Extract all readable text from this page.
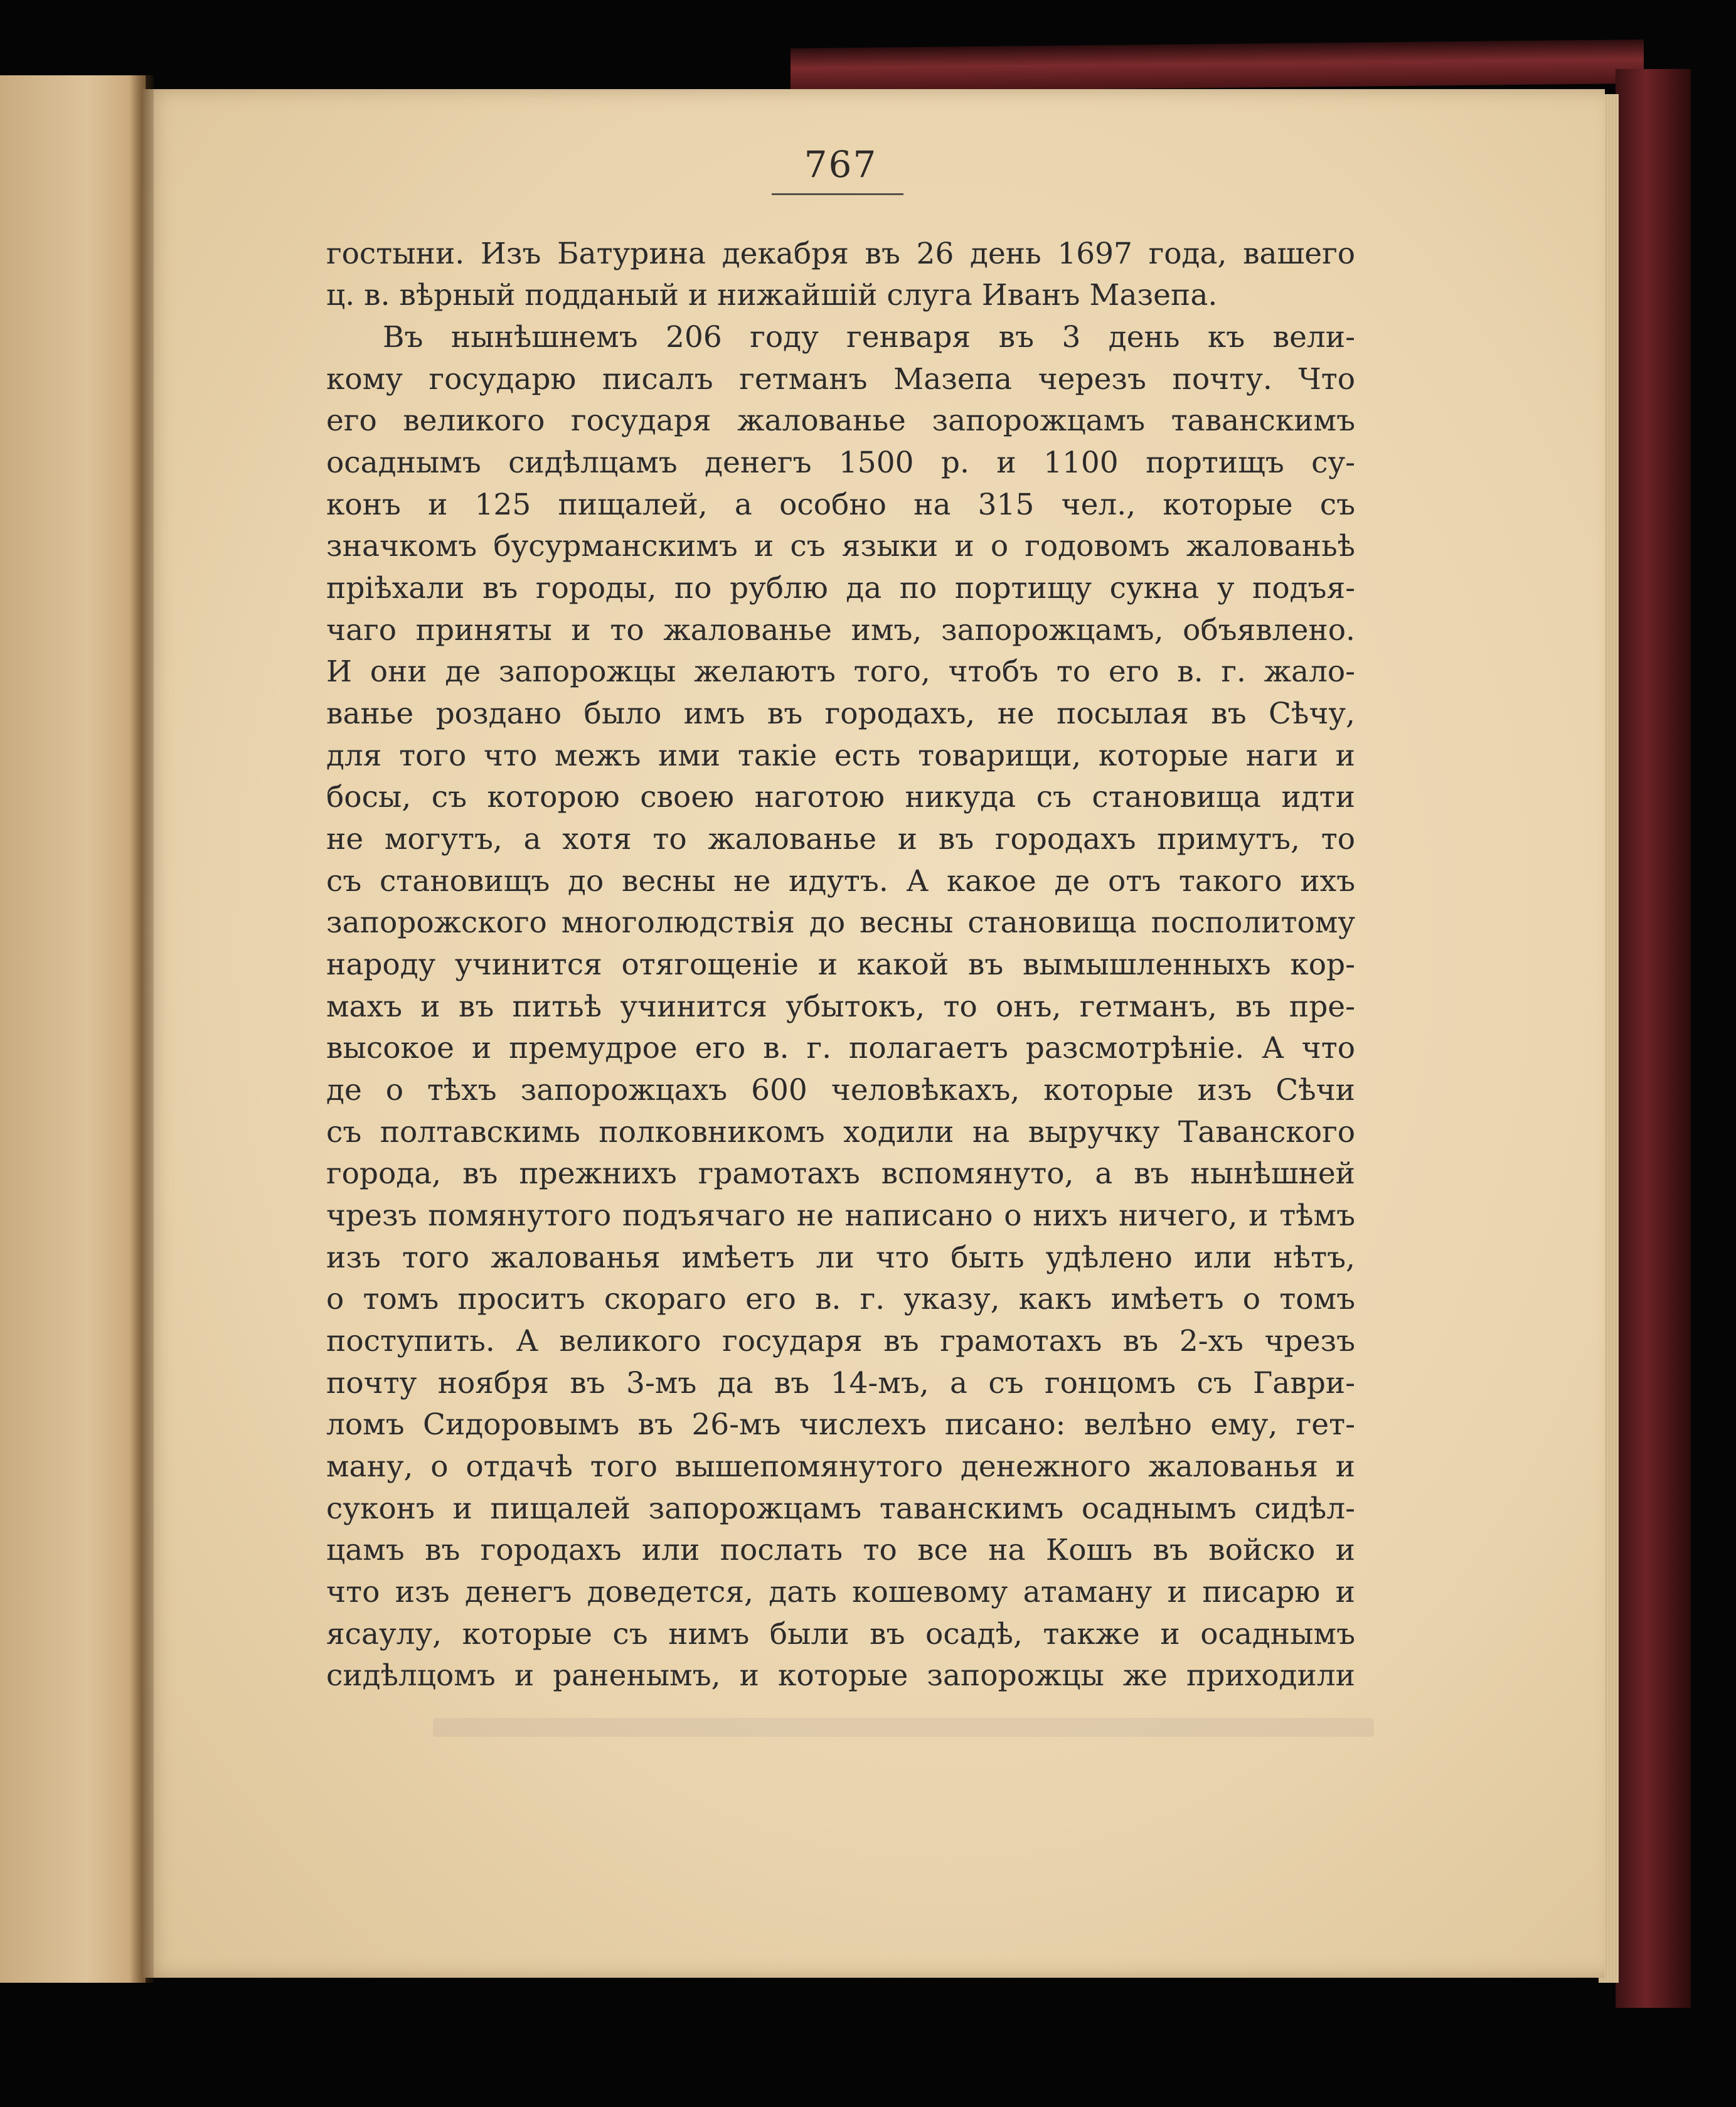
767
гостыни. Изъ Батурина декабря въ 26 день 1697 года, вашего
ц. в. вѣрный подданый и нижайшій слуга Иванъ Мазепа.
Въ нынѣшнемъ 206 году генваря въ 3 день къ вели-
кому государю писалъ гетманъ Мазепа черезъ почту. Что
его великого государя жалованье запорожцамъ таванскимъ
осаднымъ сидѣлцамъ денегъ 1500 р. и 1100 портищъ су-
конъ и 125 пищалей, а особно на 315 чел., которые съ
значкомъ бусурманскимъ и съ языки и о годовомъ жалованьѣ
пріѣхали въ городы, по рублю да по портищу сукна у подъя-
чаго приняты и то жалованье имъ, запорожцамъ, объявлено.
И они де запорожцы желаютъ того, чтобъ то его в. г. жало-
ванье роздано было имъ въ городахъ, не посылая въ Сѣчу,
для того что межъ ими такіе есть товарищи, которые наги и
босы, съ которою своею наготою никуда съ становища идти
не могутъ, а хотя то жалованье и въ городахъ примутъ, то
съ становищъ до весны не идутъ. А какое де отъ такого ихъ
запорожского многолюдствія до весны становища посполитому
народу учинится отягощеніе и какой въ вымышленныхъ кор-
махъ и въ питьѣ учинится убытокъ, то онъ, гетманъ, въ пре-
высокое и премудрое его в. г. полагаетъ разсмотрѣніе. А что
де о тѣхъ запорожцахъ 600 человѣкахъ, которые изъ Сѣчи
съ полтавскимь полковникомъ ходили на выручку Таванского
города, въ прежнихъ грамотахъ вспомянуто, а въ нынѣшней
чрезъ помянутого подъячаго не написано о нихъ ничего, и тѣмъ
изъ того жалованья имѣетъ ли что быть удѣлено или нѣтъ,
о томъ проситъ скораго его в. г. указу, какъ имѣетъ о томъ
поступить. А великого государя въ грамотахъ въ 2-хъ чрезъ
почту ноября въ 3-мъ да въ 14-мъ, а съ гонцомъ съ Гаври-
ломъ Сидоровымъ въ 26-мъ числехъ писано: велѣно ему, гет-
ману, о отдачѣ того вышепомянутого денежного жалованья и
суконъ и пищалей запорожцамъ таванскимъ осаднымъ сидѣл-
цамъ въ городахъ или послать то все на Кошъ въ войско и
что изъ денегъ доведется, дать кошевому атаману и писарю и
ясаулу, которые съ нимъ были въ осадѣ, также и осаднымъ
сидѣлцомъ и раненымъ, и которые запорожцы же приходили
